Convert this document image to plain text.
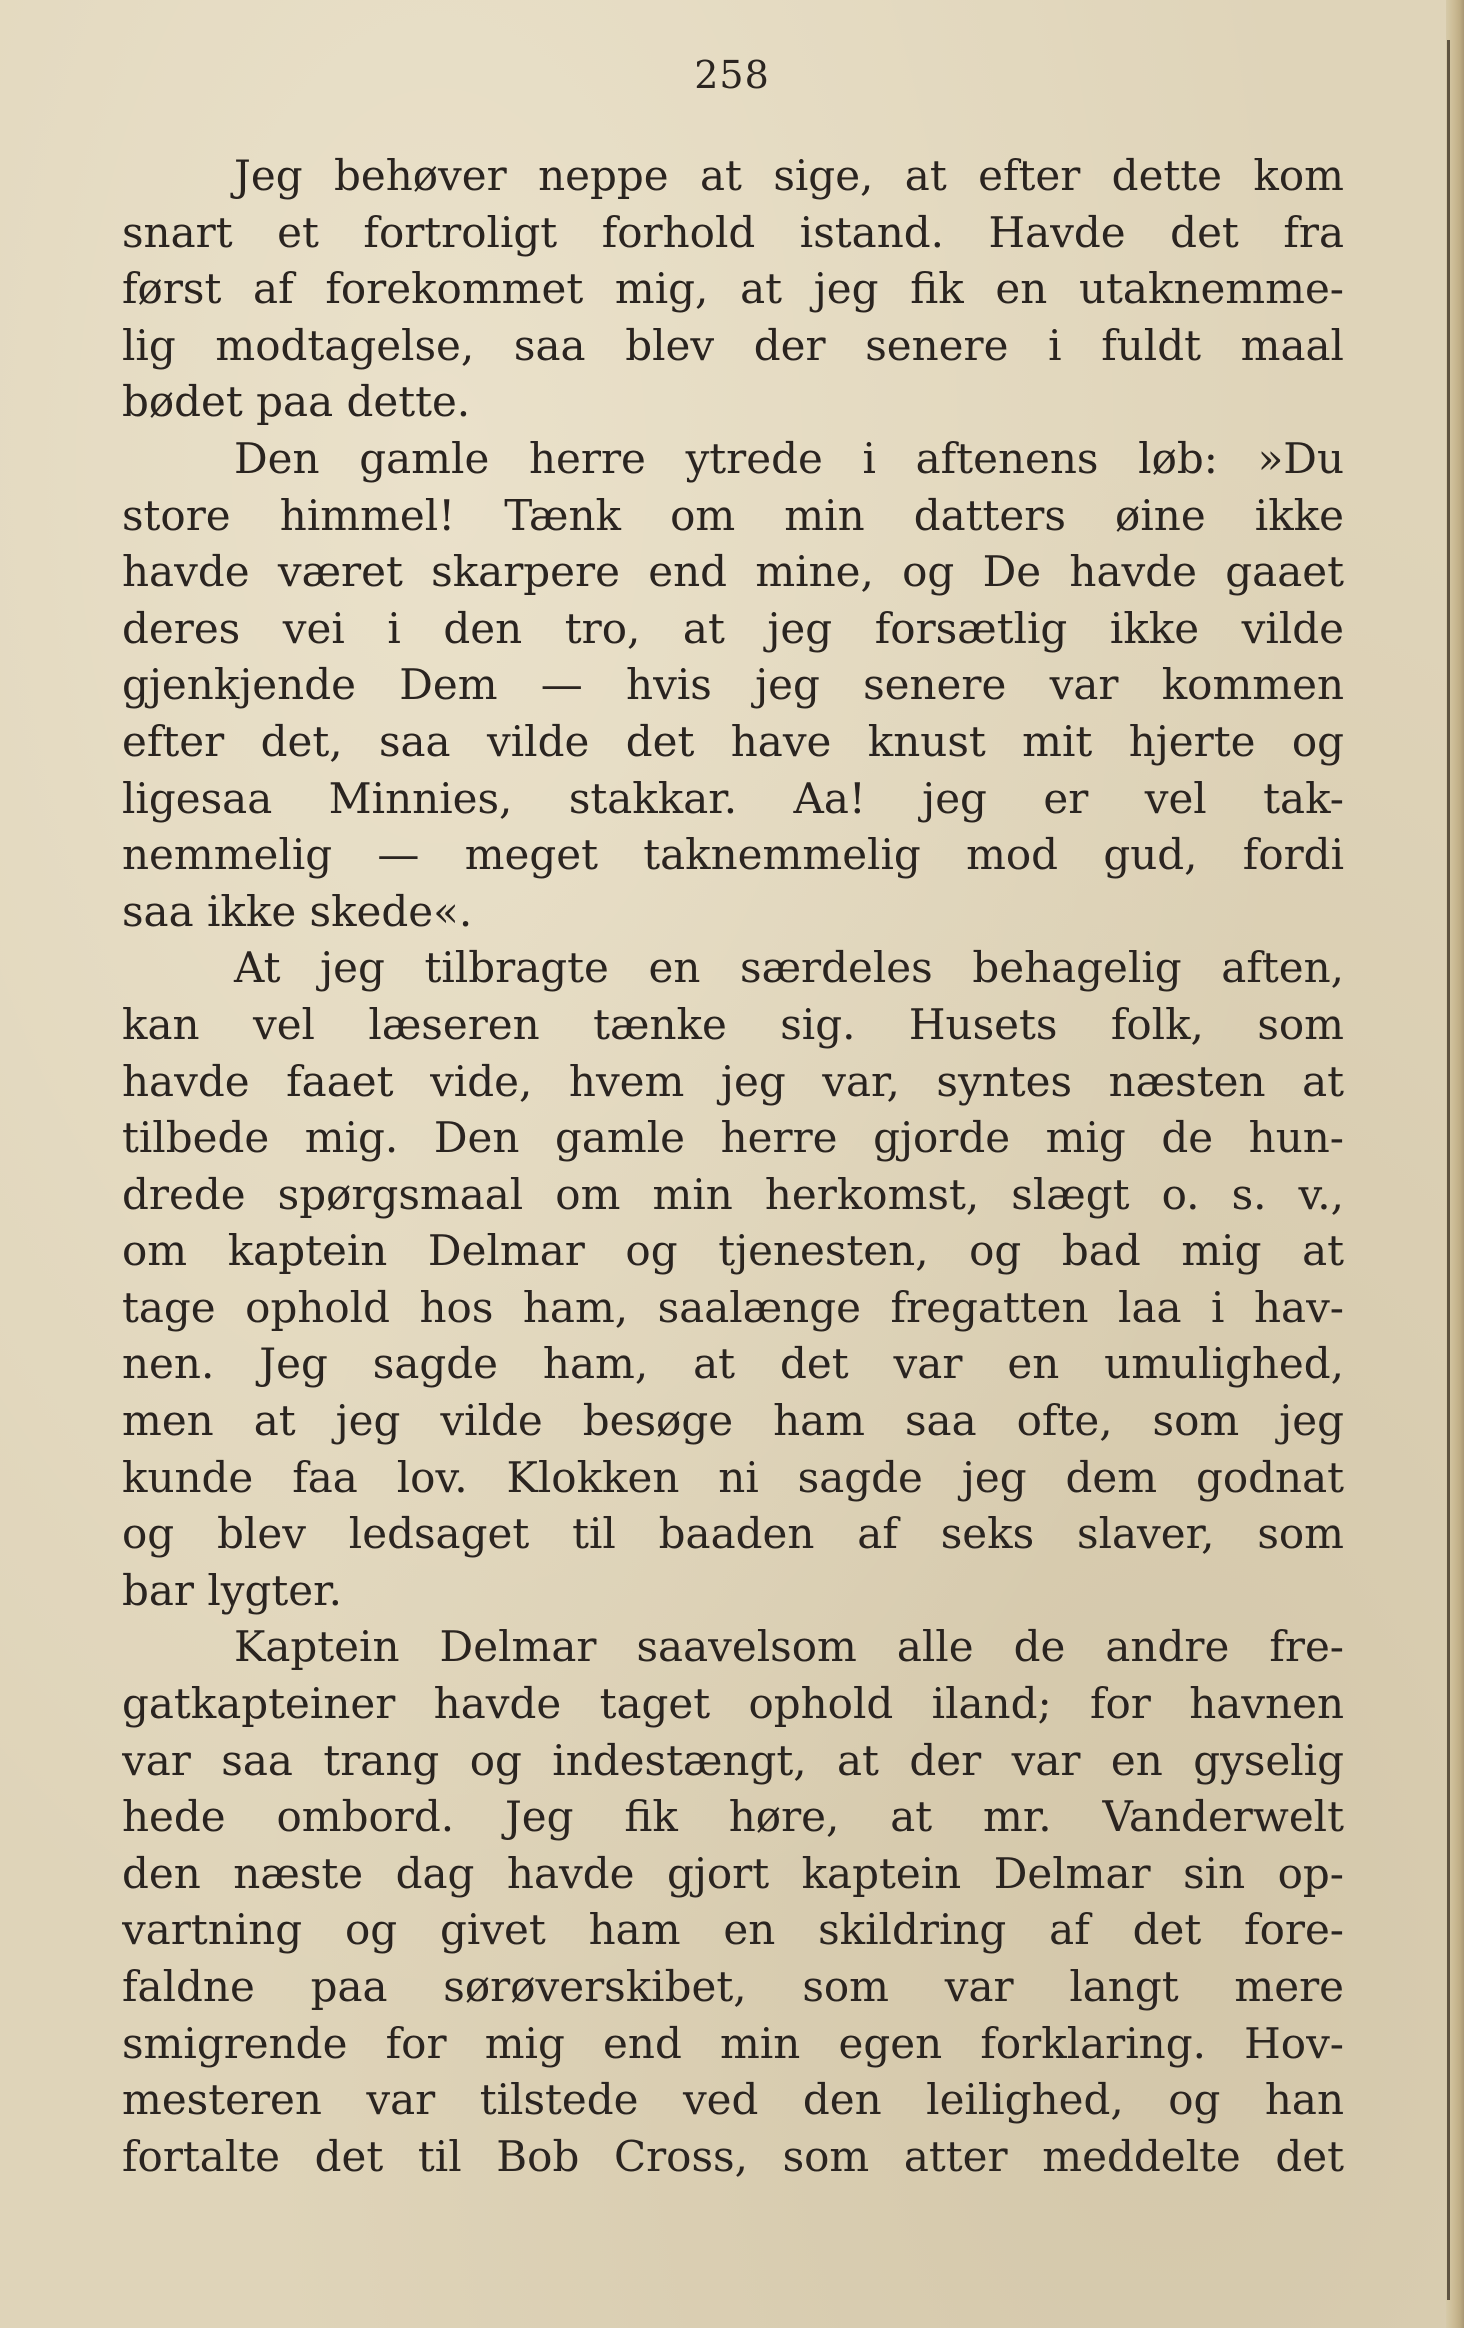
258
Jeg behøver neppe at sige, at efter dette kom
snart et fortroligt forhold istand. Havde det fra
først af forekommet mig, at jeg fik en utaknemme-
lig modtagelse, saa blev der senere i fuldt maal
bødet paa dette.
Den gamle herre ytrede i aftenens løb: »Du
store himmel! Tænk om min datters øine ikke
havde været skarpere end mine, og De havde gaaet
deres vei i den tro, at jeg forsætlig ikke vilde
gjenkjende Dem — hvis jeg senere var kommen
efter det, saa vilde det have knust mit hjerte og
ligesaa Minnies, stakkar. Aa! jeg er vel tak-
nemmelig — meget taknemmelig mod gud, fordi
saa ikke skede«.
At jeg tilbragte en særdeles behagelig aften,
kan vel læseren tænke sig. Husets folk, som
havde faaet vide, hvem jeg var, syntes næsten at
tilbede mig. Den gamle herre gjorde mig de hun-
drede spørgsmaal om min herkomst, slægt o. s. v.,
om kaptein Delmar og tjenesten, og bad mig at
tage ophold hos ham, saalænge fregatten laa i hav-
nen. Jeg sagde ham, at det var en umulighed,
men at jeg vilde besøge ham saa ofte, som jeg
kunde faa lov. Klokken ni sagde jeg dem godnat
og blev ledsaget til baaden af seks slaver, som
bar lygter.
Kaptein Delmar saavelsom alle de andre fre-
gatkapteiner havde taget ophold iland; for havnen
var saa trang og indestængt, at der var en gyselig
hede ombord. Jeg fik høre, at mr. Vanderwelt
den næste dag havde gjort kaptein Delmar sin op-
vartning og givet ham en skildring af det fore-
faldne paa sørøverskibet, som var langt mere
smigrende for mig end min egen forklaring. Hov-
mesteren var tilstede ved den leilighed, og han
fortalte det til Bob Cross, som atter meddelte det
